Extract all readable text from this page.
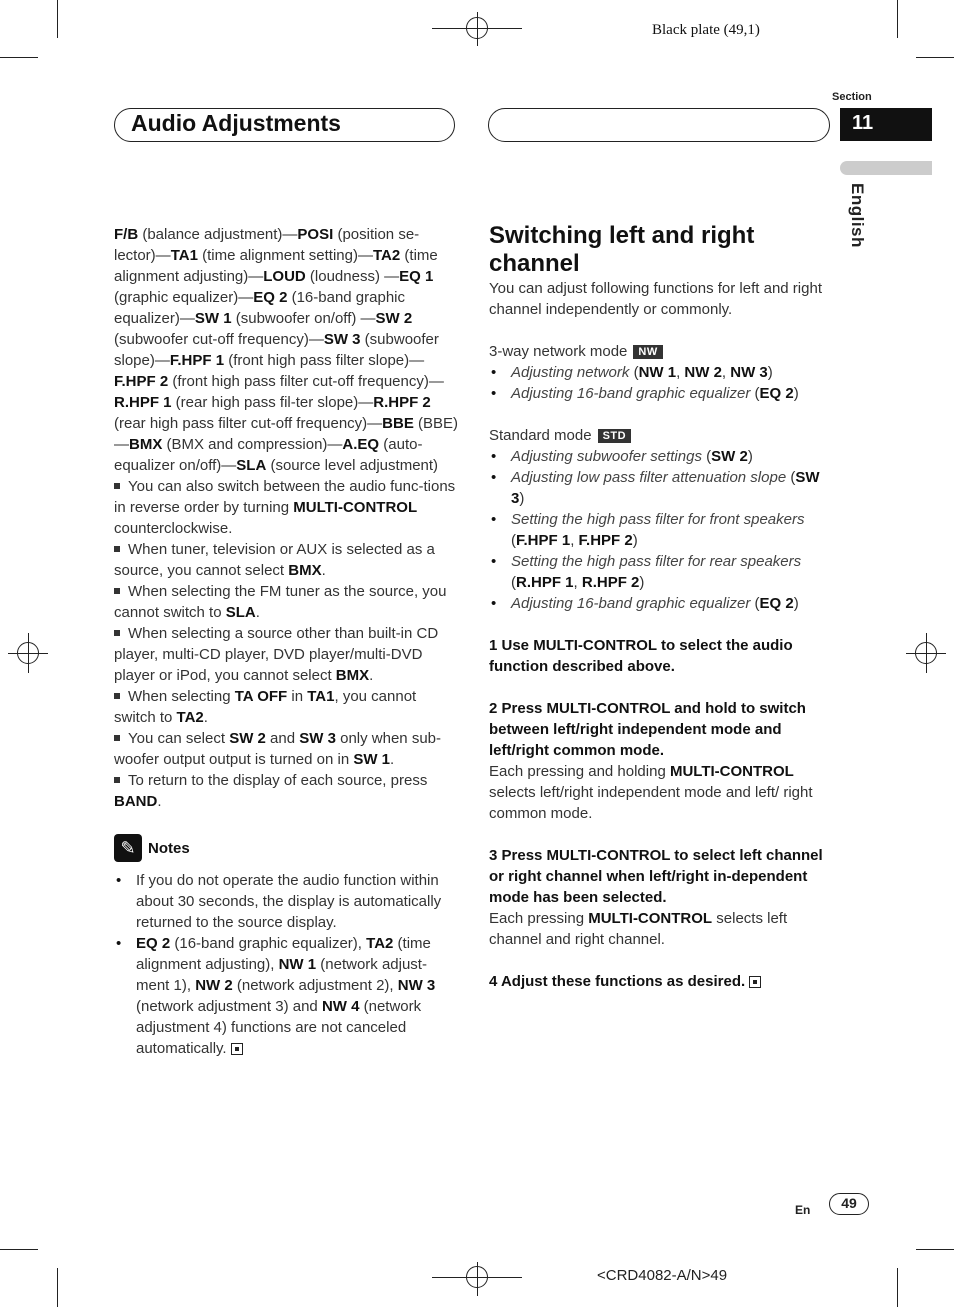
Black plate (49,1)
Audio Adjustments
Section
11
English

F/B (balance adjustment)—POSI (position se-lector)—TA1 (time alignment setting)—TA2 (time alignment adjusting)—LOUD (loudness) —EQ 1 (graphic equalizer)—EQ 2 (16-band graphic equalizer)—SW 1 (subwoofer on/off) —SW 2 (subwoofer cut-off frequency)—SW 3 (subwoofer slope)—F.HPF 1 (front high pass filter slope)—F.HPF 2 (front high pass filter cut-off frequency)—R.HPF 1 (rear high pass fil-ter slope)—R.HPF 2 (rear high pass filter cut-off frequency)—BBE (BBE)—BMX (BMX and compression)—A.EQ (auto-equalizer on/off)—SLA (source level adjustment)

You can also switch between the audio func-tions in reverse order by turning MULTI-CONTROL counterclockwise.

When tuner, television or AUX is selected as a source, you cannot select BMX.

When selecting the FM tuner as the source, you cannot switch to SLA.

When selecting a source other than built-in CD player, multi-CD player, DVD player/multi-DVD player or iPod, you cannot select BMX.

When selecting TA OFF in TA1, you cannot switch to TA2.

You can select SW 2 and SW 3 only when sub-woofer output output is turned on in SW 1.

To return to the display of each source, press BAND.

✎ Notes
• If you do not operate the audio function within about 30 seconds, the display is automatically returned to the source display.
• EQ 2 (16-band graphic equalizer), TA2 (time alignment adjusting), NW 1 (network adjust-ment 1), NW 2 (network adjustment 2), NW 3 (network adjustment 3) and NW 4 (network adjustment 4) functions are not canceled automatically.

Switching left and right channel

You can adjust following functions for left and right channel independently or commonly.

3-way network mode NW

• Adjusting network (NW 1, NW 2, NW 3)
• Adjusting 16-band graphic equalizer (EQ 2)

Standard mode STD

• Adjusting subwoofer settings (SW 2)
• Adjusting low pass filter attenuation slope (SW 3)
• Setting the high pass filter for front speakers (F.HPF 1, F.HPF 2)
• Setting the high pass filter for rear speakers (R.HPF 1, R.HPF 2)
• Adjusting 16-band graphic equalizer (EQ 2)

1 Use MULTI-CONTROL to select the audio function described above.

2 Press MULTI-CONTROL and hold to switch between left/right independent mode and left/right common mode.

Each pressing and holding MULTI-CONTROL selects left/right independent mode and left/ right common mode.

3 Press MULTI-CONTROL to select left channel or right channel when left/right in-dependent mode has been selected.

Each pressing MULTI-CONTROL selects left channel and right channel.

4 Adjust these functions as desired.

En	49
<CRD4082-A/N>49
